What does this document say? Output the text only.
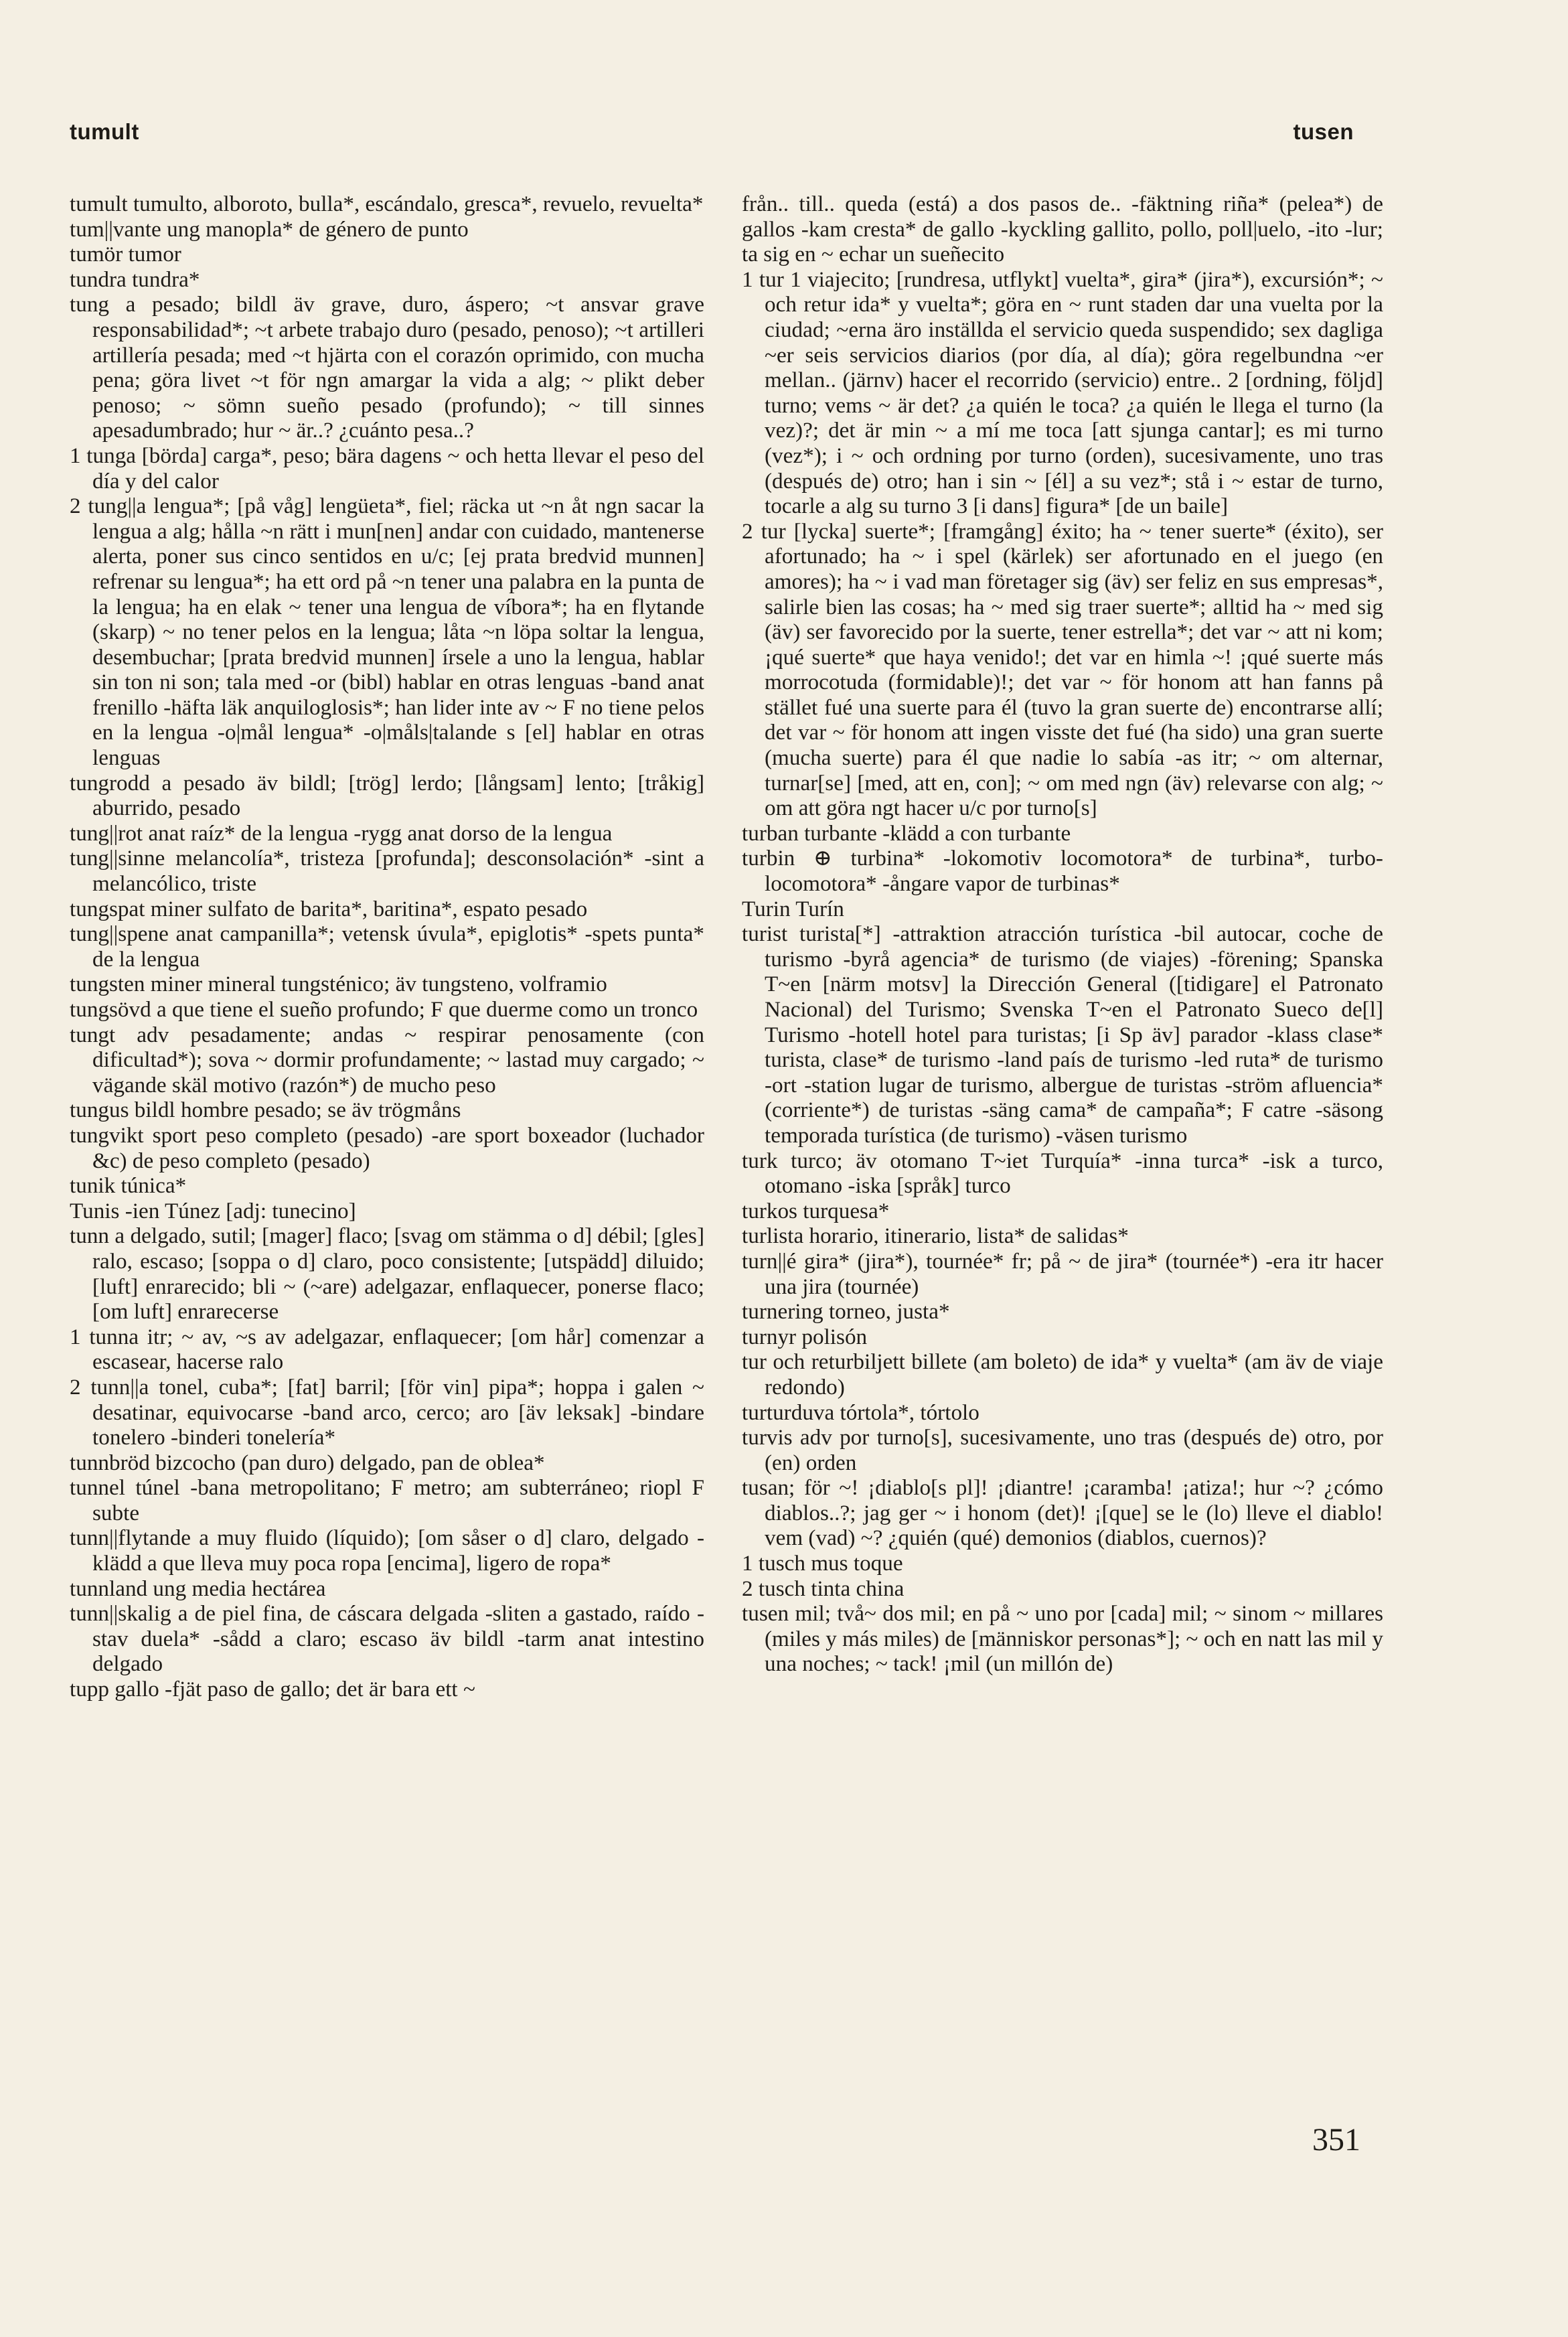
tumult	tusen

tumult tumulto, alboroto, bulla*, escándalo, gresca*, revuelo, revuelta*

tum||vante ung manopla* de género de punto

tumör tumor

tundra tundra*

tung a pesado; bildl äv grave, duro, áspero; ~t ansvar grave responsabilidad*; ~t arbete trabajo duro (pesado, penoso); ~t artilleri artillería pesada; med ~t hjärta con el corazón oprimido, con mucha pena; göra livet ~t för ngn amargar la vida a alg; ~ plikt deber penoso; ~ sömn sueño pesado (profundo); ~ till sinnes apesadumbrado; hur ~ är..? ¿cuánto pesa..?

1 tunga [börda] carga*, peso; bära dagens ~ och hetta llevar el peso del día y del calor

2 tung||a lengua*; [på våg] lengüeta*, fiel; räcka ut ~n åt ngn sacar la lengua a alg; hålla ~n rätt i mun[nen] andar con cuidado, mantenerse alerta, poner sus cinco sentidos en u/c; [ej prata bredvid munnen] refrenar su lengua*; ha ett ord på ~n tener una palabra en la punta de la lengua; ha en elak ~ tener una lengua de víbora*; ha en flytande (skarp) ~ no tener pelos en la lengua; låta ~n löpa soltar la lengua, desembuchar; [prata bredvid munnen] írsele a uno la lengua, hablar sin ton ni son; tala med -or (bibl) hablar en otras lenguas -band anat frenillo -häfta läk anquiloglosis*; han lider inte av ~ F no tiene pelos en la lengua -o|mål lengua* -o|måls|talande s [el] hablar en otras lenguas

tungrodd a pesado äv bildl; [trög] lerdo; [långsam] lento; [tråkig] aburrido, pesado

tung||rot anat raíz* de la lengua -rygg anat dorso de la lengua

tung||sinne melancolía*, tristeza [profunda]; desconsolación* -sint a melancólico, triste

tungspat miner sulfato de barita*, baritina*, espato pesado

tung||spene anat campanilla*; vetensk úvula*, epiglotis* -spets punta* de la lengua

tungsten miner mineral tungsténico; äv tungsteno, volframio

tungsövd a que tiene el sueño profundo; F que duerme como un tronco

tungt adv pesadamente; andas ~ respirar penosamente (con dificultad*); sova ~ dormir profundamente; ~ lastad muy cargado; ~ vägande skäl motivo (razón*) de mucho peso

tungus bildl hombre pesado; se äv trögmåns

tungvikt sport peso completo (pesado) -are sport boxeador (luchador &c) de peso completo (pesado)

tunik túnica*

Tunis -ien Túnez [adj: tunecino]

tunn a delgado, sutil; [mager] flaco; [svag om stämma o d] débil; [gles] ralo, escaso; [soppa o d] claro, poco consistente; [utspädd] diluido; [luft] enrarecido; bli ~ (~are) adelgazar, enflaquecer, ponerse flaco; [om luft] enrarecerse

1 tunna itr; ~ av, ~s av adelgazar, enflaquecer; [om hår] comenzar a escasear, hacerse ralo

2 tunn||a tonel, cuba*; [fat] barril; [för vin] pipa*; hoppa i galen ~ desatinar, equivocarse -band arco, cerco; aro [äv leksak] -bindare tonelero -binderi tonelería*

tunnbröd bizcocho (pan duro) delgado, pan de oblea*

tunnel túnel -bana metropolitano; F metro; am subterráneo; riopl F subte

tunn||flytande a muy fluido (líquido); [om såser o d] claro, delgado -klädd a que lleva muy poca ropa [encima], ligero de ropa*

tunnland ung media hectárea

tunn||skalig a de piel fina, de cáscara delgada -sliten a gastado, raído -stav duela* -sådd a claro; escaso äv bildl -tarm anat intestino delgado

tupp gallo -fjät paso de gallo; det är bara ett ~

från.. till.. queda (está) a dos pasos de.. -fäktning riña* (pelea*) de gallos -kam cresta* de gallo -kyckling gallito, pollo, poll|uelo, -ito -lur; ta sig en ~ echar un sueñecito

1 tur 1 viajecito; [rundresa, utflykt] vuelta*, gira* (jira*), excursión*; ~ och retur ida* y vuelta*; göra en ~ runt staden dar una vuelta por la ciudad; ~erna äro inställda el servicio queda suspendido; sex dagliga ~er seis servicios diarios (por día, al día); göra regelbundna ~er mellan.. (järnv) hacer el recorrido (servicio) entre.. 2 [ordning, följd] turno; vems ~ är det? ¿a quién le toca? ¿a quién le llega el turno (la vez)?; det är min ~ a mí me toca [att sjunga cantar]; es mi turno (vez*); i ~ och ordning por turno (orden), sucesivamente, uno tras (después de) otro; han i sin ~ [él] a su vez*; stå i ~ estar de turno, tocarle a alg su turno 3 [i dans] figura* [de un baile]

2 tur [lycka] suerte*; [framgång] éxito; ha ~ tener suerte* (éxito), ser afortunado; ha ~ i spel (kärlek) ser afortunado en el juego (en amores); ha ~ i vad man företager sig (äv) ser feliz en sus empresas*, salirle bien las cosas; ha ~ med sig traer suerte*; alltid ha ~ med sig (äv) ser favorecido por la suerte, tener estrella*; det var ~ att ni kom; ¡qué suerte* que haya venido!; det var en himla ~! ¡qué suerte más morrocotuda (formidable)!; det var ~ för honom att han fanns på stället fué una suerte para él (tuvo la gran suerte de) encontrarse allí; det var ~ för honom att ingen visste det fué (ha sido) una gran suerte (mucha suerte) para él que nadie lo sabía -as itr; ~ om alternar, turnar[se] [med, att en, con]; ~ om med ngn (äv) relevarse con alg; ~ om att göra ngt hacer u/c por turno[s]

turban turbante -klädd a con turbante

turbin ⊕ turbina* -lokomotiv locomotora* de turbina*, turbo-locomotora* -ångare vapor de turbinas*

Turin Turín

turist turista[*] -attraktion atracción turística -bil autocar, coche de turismo -byrå agencia* de turismo (de viajes) -förening; Spanska T~en [närm motsv] la Dirección General ([tidigare] el Patronato Nacional) del Turismo; Svenska T~en el Patronato Sueco de[l] Turismo -hotell hotel para turistas; [i Sp äv] parador -klass clase* turista, clase* de turismo -land país de turismo -led ruta* de turismo -ort -station lugar de turismo, albergue de turistas -ström afluencia* (corriente*) de turistas -säng cama* de campaña*; F catre -säsong temporada turística (de turismo) -väsen turismo

turk turco; äv otomano T~iet Turquía* -inna turca* -isk a turco, otomano -iska [språk] turco

turkos turquesa*

turlista horario, itinerario, lista* de salidas*

turn||é gira* (jira*), tournée* fr; på ~ de jira* (tournée*) -era itr hacer una jira (tournée)

turnering torneo, justa*

turnyr polisón

tur och returbiljett billete (am boleto) de ida* y vuelta* (am äv de viaje redondo)

turturduva tórtola*, tórtolo

turvis adv por turno[s], sucesivamente, uno tras (después de) otro, por (en) orden

tusan; för ~! ¡diablo[s pl]! ¡diantre! ¡caramba! ¡atiza!; hur ~? ¿cómo diablos..?; jag ger ~ i honom (det)! ¡[que] se le (lo) lleve el diablo! vem (vad) ~? ¿quién (qué) demonios (diablos, cuernos)?

1 tusch mus toque

2 tusch tinta china

tusen mil; två~ dos mil; en på ~ uno por [cada] mil; ~ sinom ~ millares (miles y más miles) de [människor personas*]; ~ och en natt las mil y una noches; ~ tack! ¡mil (un millón de)

351
